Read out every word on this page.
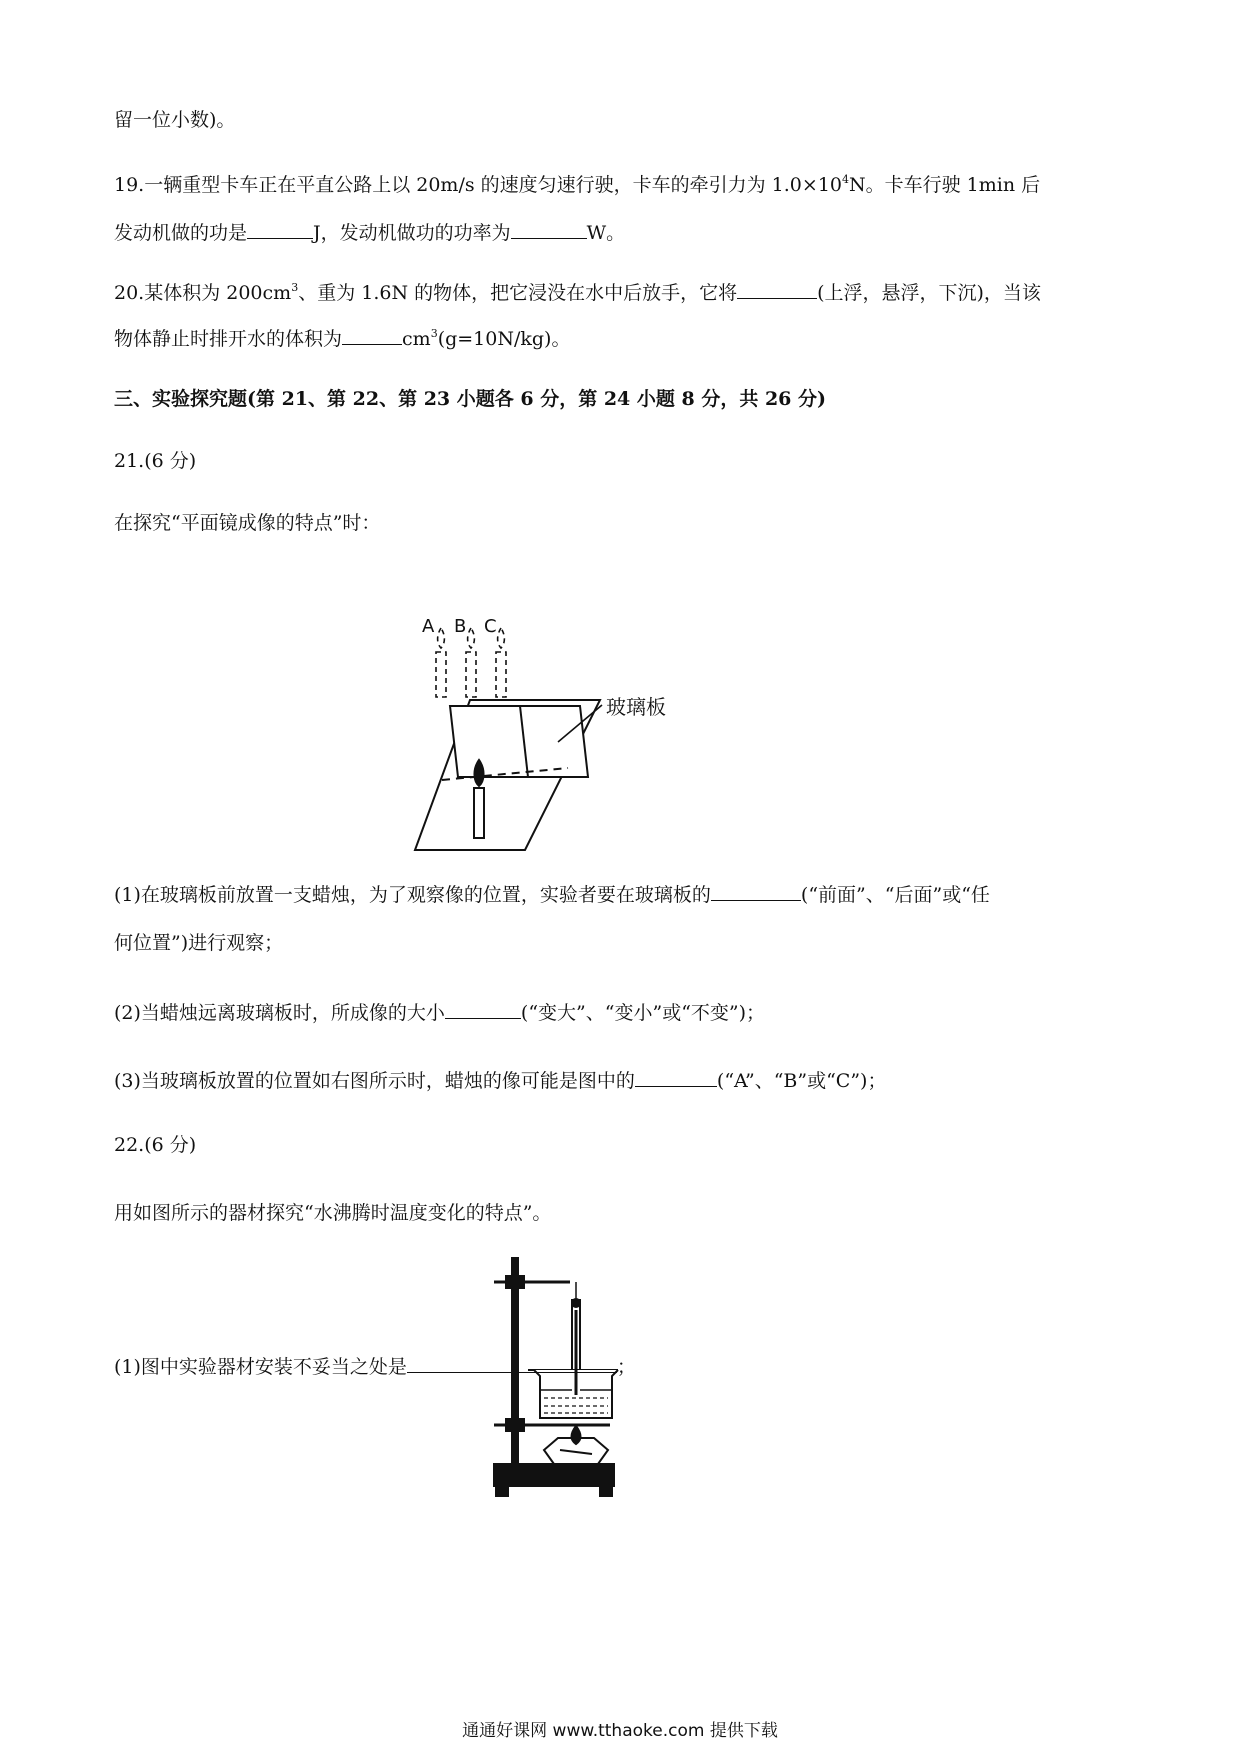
留一位小数)。
19.一辆重型卡车正在平直公路上以 20m/s 的速度匀速行驶，卡车的牵引力为 $1.0\times 10^4N$。卡车行驶 1min 后
发动机做的功是	J，发动机做功的功率为	W。
20.某体积为 $200cm^3$、重为 1.6N 的物体，把它浸没在水中后放手，它将	(上浮，悬浮，下沉)，当该
物体静止时排开水的体积为	$cm^3(g=10N/kg)$。
三、实验探究题(第 21、第 22、第 23 小题各 6 分，第 24 小题 8 分，共 26 分)
21.(6 分)
在探究“平面镜成像的特点”时：
A B C
玻璃板
(1)在玻璃板前放置一支蜡烛，为了观察像的位置，实验者要在玻璃板的	(“前面”、“后面”或“任
何位置”)进行观察；
(2)当蜡烛远离玻璃板时，所成像的大小	(“变大”、“变小”或“不变”)；
(3)当玻璃板放置的位置如右图所示时，蜡烛的像可能是图中的	(“A”、“B”或“C”)；
22.(6 分)
用如图所示的器材探究“水沸腾时温度变化的特点”。
(1)图中实验器材安装不妥当之处是	；
通通好课网 www.tthaoke.com 提供下载
